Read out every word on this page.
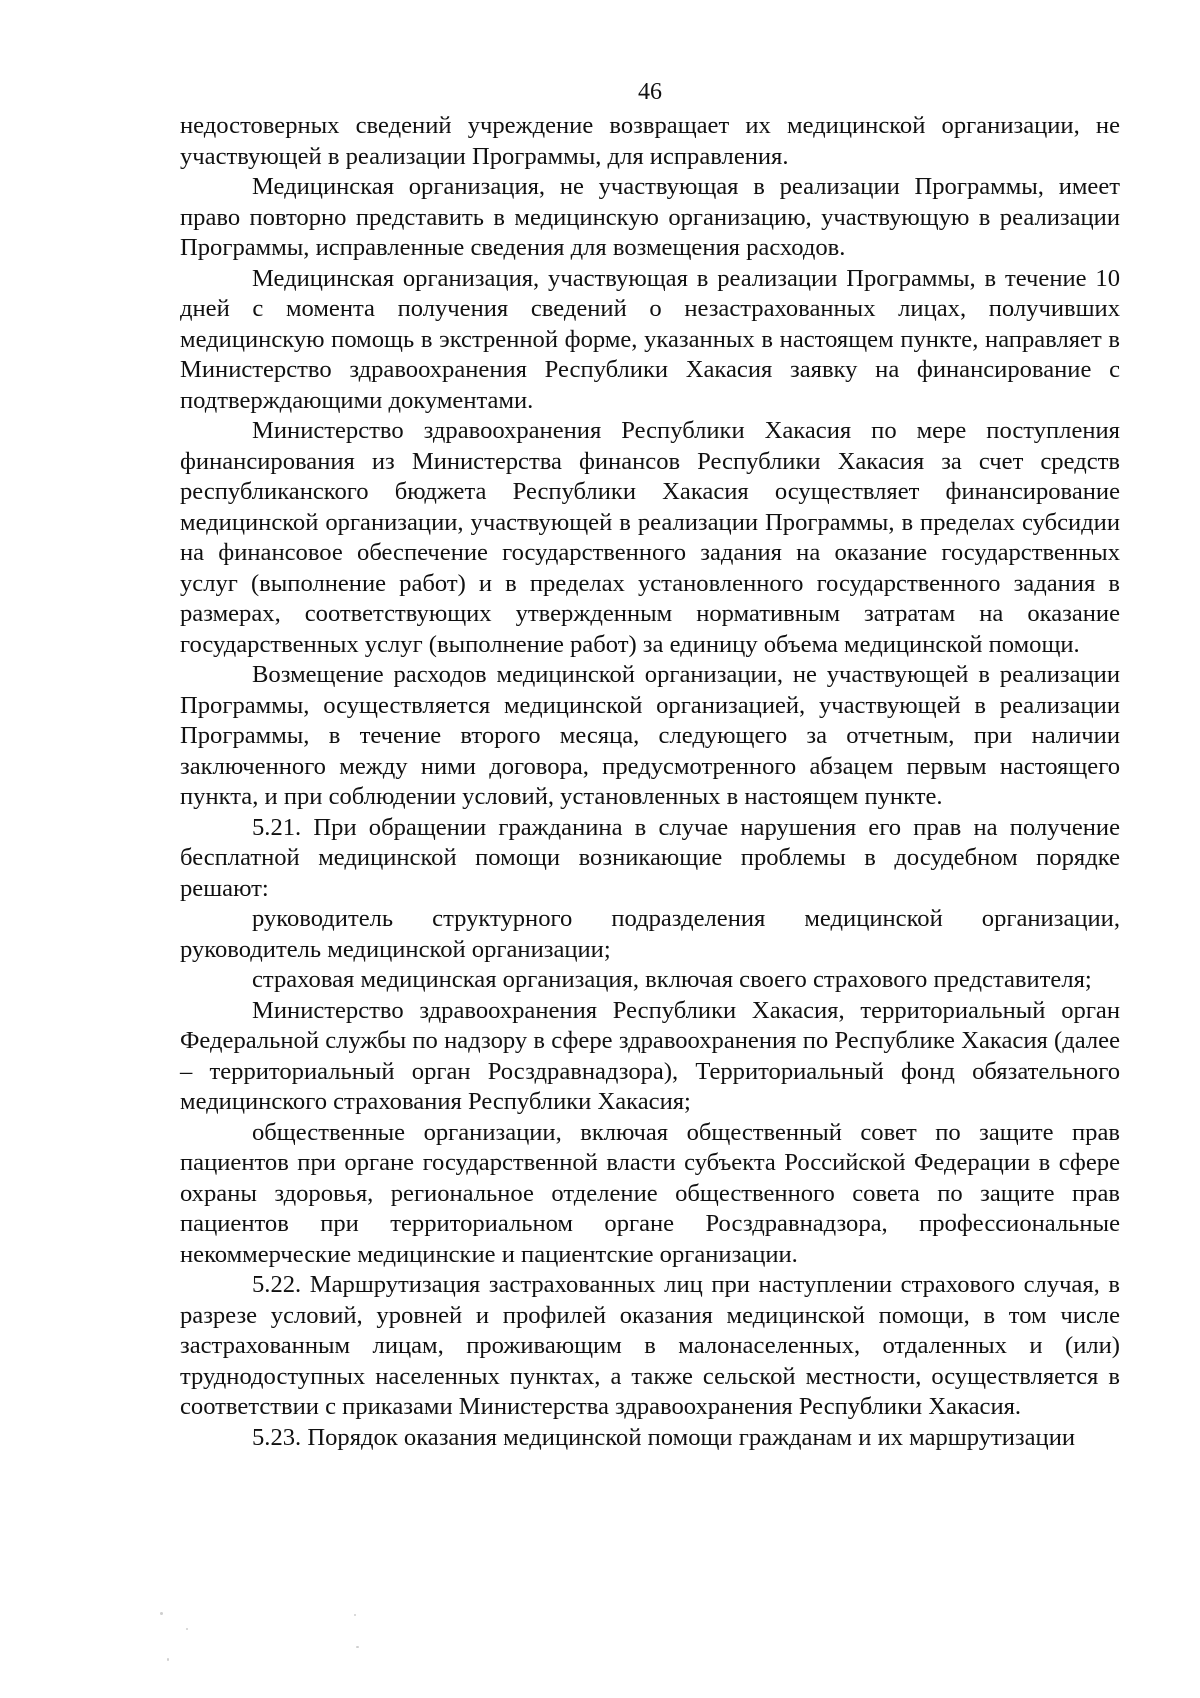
46

недостоверных сведений учреждение возвращает их медицинской организации, не участвующей в реализации Программы, для исправления.

Медицинская организация, не участвующая в реализации Программы, имеет право повторно представить в медицинскую организацию, участвующую в реализации Программы, исправленные сведения для возмещения расходов.

Медицинская организация, участвующая в реализации Программы, в течение 10 дней с момента получения сведений о незастрахованных лицах, получивших медицинскую помощь в экстренной форме, указанных в настоящем пункте, направляет в Министерство здравоохранения Республики Хакасия заявку на финансирование с подтверждающими документами.

Министерство здравоохранения Республики Хакасия по мере поступления финансирования из Министерства финансов Республики Хакасия за счет средств республиканского бюджета Республики Хакасия осуществляет финансирование медицинской организации, участвующей в реализации Программы, в пределах субсидии на финансовое обеспечение государственного задания на оказание государственных услуг (выполнение работ) и в пределах установленного государственного задания в размерах, соответствующих утвержденным нормативным затратам на оказание государственных услуг (выполнение работ) за единицу объема медицинской помощи.

Возмещение расходов медицинской организации, не участвующей в реализации Программы, осуществляется медицинской организацией, участвующей в реализации Программы, в течение второго месяца, следующего за отчетным, при наличии заключенного между ними договора, предусмотренного абзацем первым настоящего пункта, и при соблюдении условий, установленных в настоящем пункте.

5.21. При обращении гражданина в случае нарушения его прав на получение бесплатной медицинской помощи возникающие проблемы в досудебном порядке решают:

руководитель структурного подразделения медицинской организации, руководитель медицинской организации;

страховая медицинская организация, включая своего страхового представителя;

Министерство здравоохранения Республики Хакасия, территориальный орган Федеральной службы по надзору в сфере здравоохранения по Республике Хакасия (далее – территориальный орган Росздравнадзора), Территориальный фонд обязательного медицинского страхования Республики Хакасия;

общественные организации, включая общественный совет по защите прав пациентов при органе государственной власти субъекта Российской Федерации в сфере охраны здоровья, региональное отделение общественного совета по защите прав пациентов при территориальном органе Росздравнадзора, профессиональные некоммерческие медицинские и пациентские организации.

5.22. Маршрутизация застрахованных лиц при наступлении страхового случая, в разрезе условий, уровней и профилей оказания медицинской помощи, в том числе застрахованным лицам, проживающим в малонаселенных, отдаленных и (или) труднодоступных населенных пунктах, а также сельской местности, осуществляется в соответствии с приказами Министерства здравоохранения Республики Хакасия.

5.23. Порядок оказания медицинской помощи гражданам и их маршрутизации
